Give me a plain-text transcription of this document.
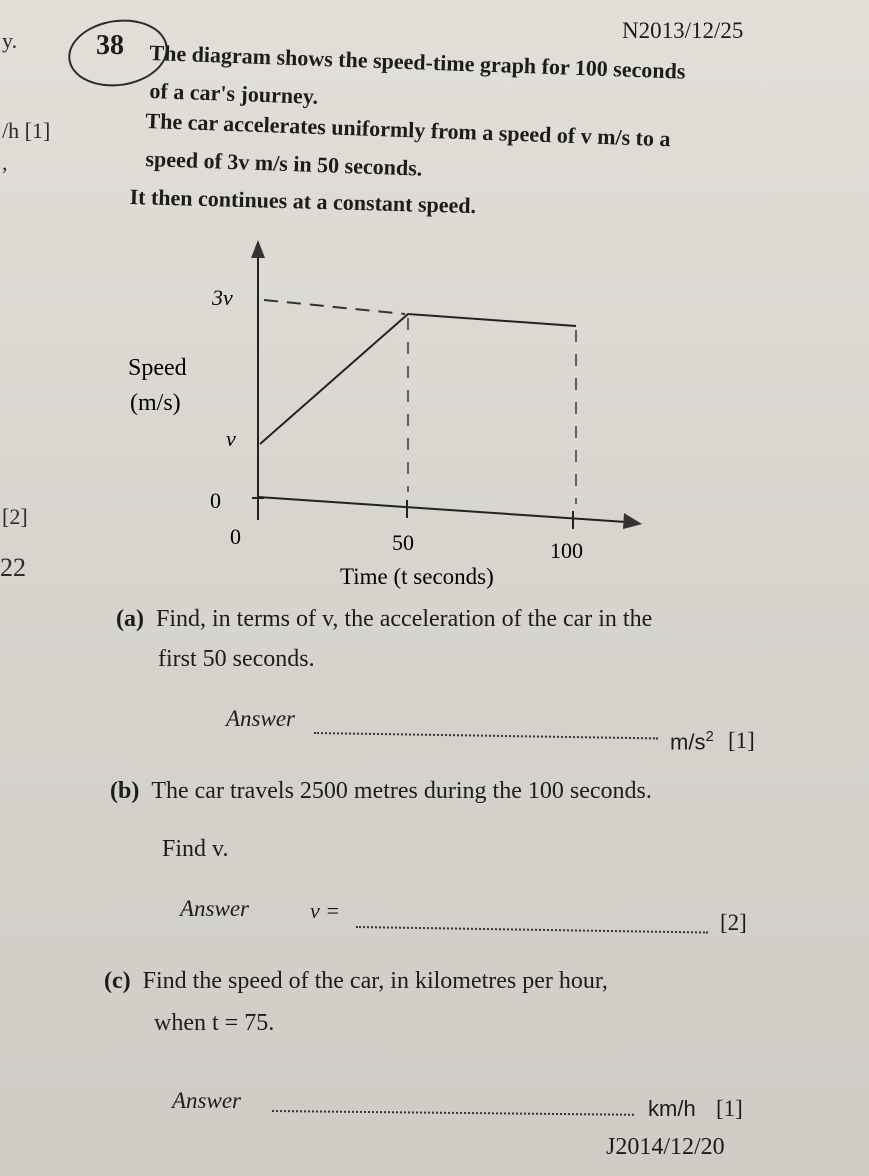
y.
/h [1]
,
[2]
22
N2013/12/25
38 The diagram shows the speed-time graph for 100 seconds
of a car's journey.
The car accelerates uniformly from a speed of v m/s to a
speed of 3v m/s in 50 seconds.
It then continues at a constant speed.
3v
v
0
Speed
(m/s)
0	50	100
Time (t seconds)
(a) Find, in terms of v, the acceleration of the car in the
first 50 seconds.
Answer
$m/s^2$ [1]
(b) The car travels 2500 metres during the 100 seconds.
Find v.
Answer	v =	[2]
(c) Find the speed of the car, in kilometres per hour,
when t = 75.
Answer	km/h [1]
J2014/12/20
